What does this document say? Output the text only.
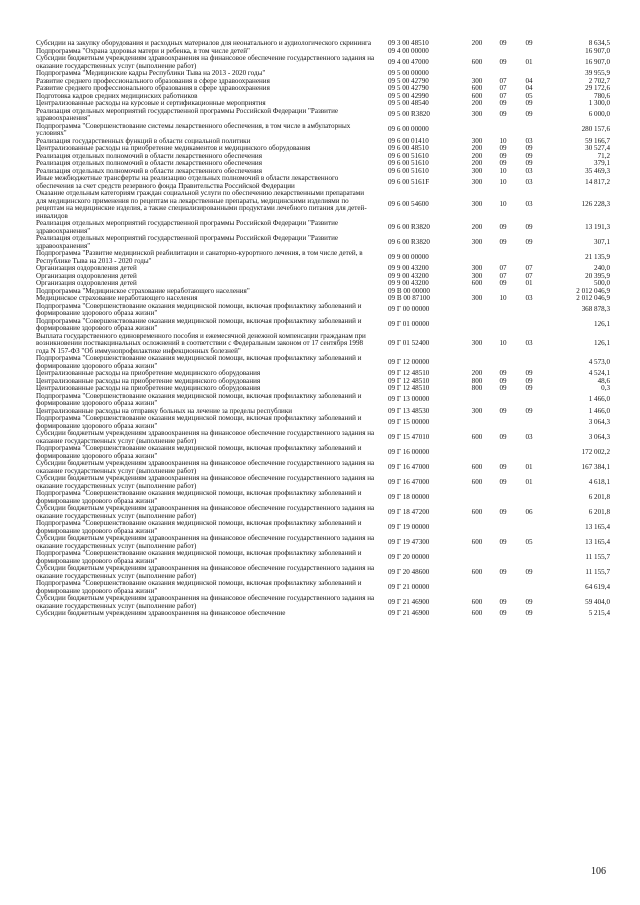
Субсидии на закупку оборудования и расходных материалов для неонатального и аудиологического скрининга	09 3 00 48510	200	09	09	8 634,5
Подпрограмма "Охрана здоровья матери и ребенка, в том числе детей"	09 4 00 00000				16 907,0
Субсидии бюджетным учреждениям здравоохранения на финансовое обеспечение государственного задания на оказание государственных услуг (выполнение работ)	09 4 00 47000	600	09	01	16 907,0
Подпрограмма "Медицинские кадры Республики Тыва на 2013 - 2020 годы"	09 5 00 00000				39 955,9
Развитие среднего профессионального образования в сфере здравоохранения	09 5 00 42790	300	07	04	2 702,7
Развитие среднего профессионального образования в сфере здравоохранения	09 5 00 42790	600	07	04	29 172,6
Подготовка кадров средних медицинских работников	09 5 00 42990	600	07	05	780,6
Централизованные расходы на курсовые и сертификационные мероприятия	09 5 00 48540	200	09	09	1 300,0
Реализация отдельных мероприятий государственной программы Российской Федерации "Развитие здравоохранения"	09 5 00 R3820	300	09	09	6 000,0
Подпрограмма "Совершенствование системы лекарственного обеспечения, в том числе в амбулаторных условиях"	09 6 00 00000				280 157,6
Реализация государственных функций в области социальной политики	09 6 00 01410	300	10	03	59 166,7
Централизованные расходы на приобретение медикаментов и медицинского оборудования	09 6 00 48510	200	09	09	30 527,4
Реализация отдельных полномочий в области лекарственного обеспечения	09 6 00 51610	200	09	09	71,2
Реализация отдельных полномочий в области лекарственного обеспечения	09 6 00 51610	200	09	09	379,1
Реализация отдельных полномочий в области лекарственного обеспечения	09 6 00 51610	300	10	03	35 469,3
Иные межбюджетные трансферты на реализацию отдельных полномочий в области лекарственного обеспечения за счет средств резервного фонда Правительства Российской Федерации	09 6 00 5161F	300	10	03	14 817,2
Оказание отдельным категориям граждан социальной услуги по обеспечению лекарственными препаратами для медицинского применения по рецептам на лекарственные препараты, медицинскими изделиями по рецептам на медицинские изделия, а также специализированными продуктами лечебного питания для детей-инвалидов	09 6 00 54600	300	10	03	126 228,3
Реализация отдельных мероприятий государственной программы Российской Федерации "Развитие здравоохранения"	09 6 00 R3820	200	09	09	13 191,3
Реализация отдельных мероприятий государственной программы Российской Федерации "Развитие здравоохранения"	09 6 00 R3820	300	09	09	307,1
Подпрограмма "Развитие медицинской реабилитации и санаторно-курортного лечения, в том числе детей, в Республике Тыва на 2013 - 2020 годы"	09 9 00 00000				21 135,9
Организация оздоровления детей	09 9 00 43200	300	07	07	240,0
Организация оздоровления детей	09 9 00 43200	300	07	07	20 395,9
Организация оздоровления детей	09 9 00 43200	600	09	01	500,0
Подпрограмма "Медицинское страхование неработающего населения"	09 В 00 00000				2 012 046,9
Медицинское страхование неработающего населения	09 В 00 87100	300	10	03	2 012 046,9
Подпрограмма "Совершенствование оказания медицинской помощи, включая профилактику заболеваний и формирование здорового образа жизни"	09 Г 00 00000				368 878,3
Подпрограмма "Совершенствование оказания медицинской помощи, включая профилактику заболеваний и формирование здорового образа жизни"	09 Г 01 00000				126,1
Выплата государственного единовременного пособия и ежемесячной денежной компенсации гражданам при возникновении поствакцинальных осложнений в соответствии с Федеральным законом от 17 сентября 1998 года N 157-ФЗ "Об иммунопрофилактике инфекционных болезней"	09 Г 01 52400	300	10	03	126,1
Подпрограмма "Совершенствование оказания медицинской помощи, включая профилактику заболеваний и формирование здорового образа жизни"	09 Г 12 00000				4 573,0
Централизованные расходы на приобретение медицинского оборудования	09 Г 12 48510	200	09	09	4 524,1
Централизованные расходы на приобретение медицинского оборудования	09 Г 12 48510	800	09	09	48,6
Централизованные расходы на приобретение медицинского оборудования	09 Г 12 48510	800	09	09	0,3
Подпрограмма "Совершенствование оказания медицинской помощи, включая профилактику заболеваний и формирование здорового образа жизни"	09 Г 13 00000				1 466,0
Централизованные расходы на отправку больных на лечение за пределы республики	09 Г 13 48530	300	09	09	1 466,0
Подпрограмма "Совершенствование оказания медицинской помощи, включая профилактику заболеваний и формирование здорового образа жизни"	09 Г 15 00000				3 064,3
Субсидии бюджетным учреждениям здравоохранения на финансовое обеспечение государственного задания на оказание государственных услуг (выполнение работ)	09 Г 15 47010	600	09	03	3 064,3
Подпрограмма "Совершенствование оказания медицинской помощи, включая профилактику заболеваний и формирование здорового образа жизни"	09 Г 16 00000				172 002,2
Субсидии бюджетным учреждениям здравоохранения на финансовое обеспечение государственного задания на оказание государственных услуг (выполнение работ)	09 Г 16 47000	600	09	01	167 384,1
Субсидии бюджетным учреждениям здравоохранения на финансовое обеспечение государственного задания на оказание государственных услуг (выполнение работ)	09 Г 16 47000	600	09	01	4 618,1
Подпрограмма "Совершенствование оказания медицинской помощи, включая профилактику заболеваний и формирование здорового образа жизни"	09 Г 18 00000				6 201,8
Субсидии бюджетным учреждениям здравоохранения на финансовое обеспечение государственного задания на оказание государственных услуг (выполнение работ)	09 Г 18 47200	600	09	06	6 201,8
Подпрограмма "Совершенствование оказания медицинской помощи, включая профилактику заболеваний и формирование здорового образа жизни"	09 Г 19 00000				13 165,4
Субсидии бюджетным учреждениям здравоохранения на финансовое обеспечение государственного задания на оказание государственных услуг (выполнение работ)	09 Г 19 47300	600	09	05	13 165,4
Подпрограмма "Совершенствование оказания медицинской помощи, включая профилактику заболеваний и формирование здорового образа жизни"	09 Г 20 00000				11 155,7
Субсидии бюджетным учреждениям здравоохранения на финансовое обеспечение государственного задания на оказание государственных услуг (выполнение работ)	09 Г 20 48600	600	09	09	11 155,7
Подпрограмма "Совершенствование оказания медицинской помощи, включая профилактику заболеваний и формирование здорового образа жизни"	09 Г 21 00000				64 619,4
Субсидии бюджетным учреждениям здравоохранения на финансовое обеспечение государственного задания на оказание государственных услуг (выполнение работ)	09 Г 21 46900	600	09	09	59 404,0
Субсидии бюджетным учреждениям здравоохранения на финансовое обеспечение	09 Г 21 46900	600	09	09	5 215,4
106
